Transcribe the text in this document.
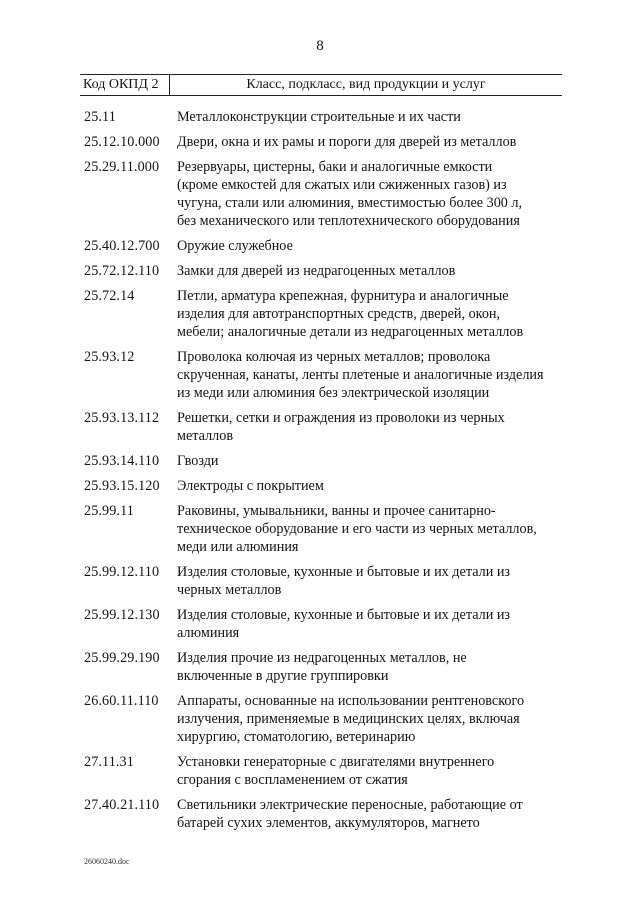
8
Код ОКПД 2	Класс, подкласс, вид продукции и услуг
25.11	Металлоконструкции строительные и их части
25.12.10.000	Двери, окна и их рамы и пороги для дверей из металлов
25.29.11.000	Резервуары, цистерны, баки и аналогичные емкости
(кроме емкостей для сжатых или сжиженных газов) из
чугуна, стали или алюминия, вместимостью более 300 л,
без механического или теплотехнического оборудования
25.40.12.700	Оружие служебное
25.72.12.110	Замки для дверей из недрагоценных металлов
25.72.14	Петли, арматура крепежная, фурнитура и аналогичные
изделия для автотранспортных средств, дверей, окон,
мебели; аналогичные детали из недрагоценных металлов
25.93.12	Проволока колючая из черных металлов; проволока
скрученная, канаты, ленты плетеные и аналогичные изделия
из меди или алюминия без электрической изоляции
25.93.13.112	Решетки, сетки и ограждения из проволоки из черных
металлов
25.93.14.110	Гвозди
25.93.15.120	Электроды с покрытием
25.99.11	Раковины, умывальники, ванны и прочее санитарно-
техническое оборудование и его части из черных металлов,
меди или алюминия
25.99.12.110	Изделия столовые, кухонные и бытовые и их детали из
черных металлов
25.99.12.130	Изделия столовые, кухонные и бытовые и их детали из
алюминия
25.99.29.190	Изделия прочие из недрагоценных металлов, не
включенные в другие группировки
26.60.11.110	Аппараты, основанные на использовании рентгеновского
излучения, применяемые в медицинских целях, включая
хирургию, стоматологию, ветеринарию
27.11.31	Установки генераторные с двигателями внутреннего
сгорания с воспламенением от сжатия
27.40.21.110	Светильники электрические переносные, работающие от
батарей сухих элементов, аккумуляторов, магнето
26060240.doc
